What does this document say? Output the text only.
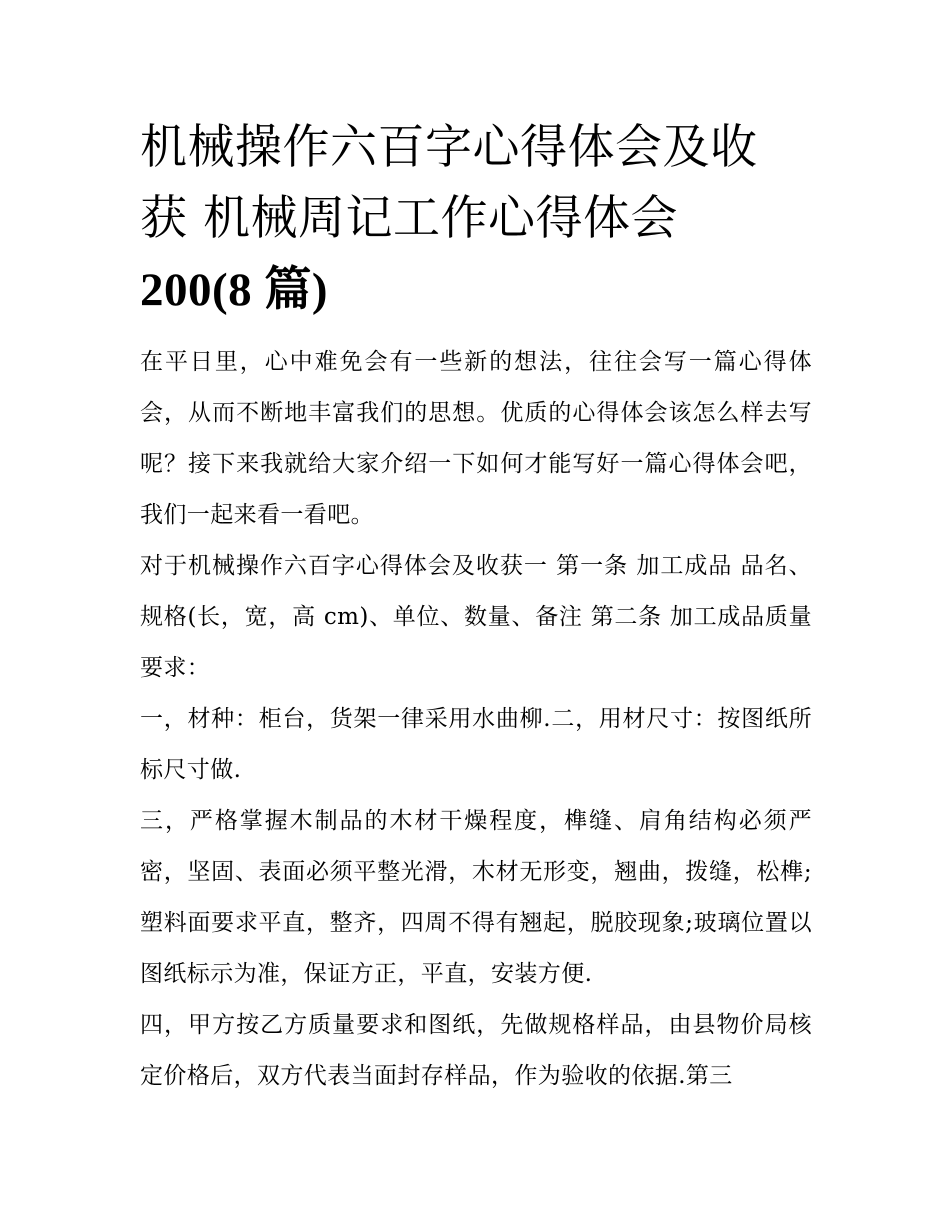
机械操作六百字心得体会及收
获 机械周记工作心得体会
200(8 篇)

在平日里，心中难免会有一些新的想法，往往会写一篇心得体会，从而不断地丰富我们的思想。优质的心得体会该怎么样去写呢？接下来我就给大家介绍一下如何才能写好一篇心得体会吧，我们一起来看一看吧。

对于机械操作六百字心得体会及收获一 第一条 加工成品 品名、规格(长，宽，高 cm)、单位、数量、备注 第二条 加工成品质量要求：

一，材种：柜台，货架一律采用水曲柳.二，用材尺寸：按图纸所标尺寸做.

三，严格掌握木制品的木材干燥程度，榫缝、肩角结构必须严密，坚固、表面必须平整光滑，木材无形变，翘曲，拨缝，松榫;塑料面要求平直，整齐，四周不得有翘起，脱胶现象;玻璃位置以图纸标示为准，保证方正，平直，安装方便.

四，甲方按乙方质量要求和图纸，先做规格样品，由县物价局核定价格后，双方代表当面封存样品，作为验收的依据.第三
